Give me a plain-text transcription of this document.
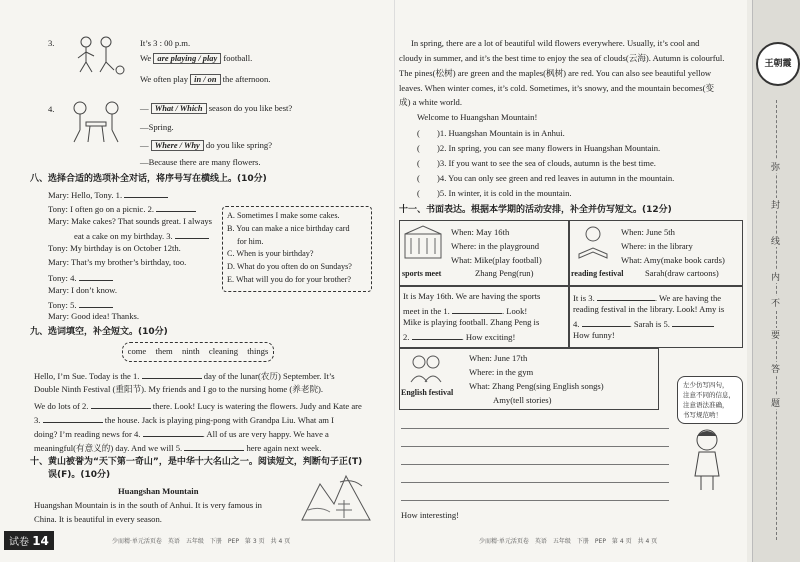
3.	It’s 3 : 00 p.m.
We are playing / play football.
We often play in / on the afternoon.
4.	— What / Which season do you like best?
—Spring.
— Where / Why do you like spring?
—Because there are many flowers.
八、选择合适的选项补全对话，将序号写在横线上。(10分)
Mary: Hello, Tony. 1.
Tony: I often go on a picnic. 2.
Mary: Make cakes? That sounds great. I always
eat a cake on my birthday. 3.
Tony: My birthday is on October 12th.
Mary: That’s my brother’s birthday, too.
Tony: 4.
Mary: I don’t know.
Tony: 5.
Mary: Good idea! Thanks.
A. Sometimes I make some cakes.
B. You can make a nice birthday card
for him.
C. When is your birthday?
D. What do you often do on Sundays?
E. What will you do for your brother?
九、选词填空，补全短文。(10分)
come them ninth cleaning things
Hello, I’m Sue. Today is the 1.	day of the lunar(农历) September. It’s
Double Ninth Festival (重阳节). My friends and I go to the nursing home (养老院).
We do lots of 2.	there. Look! Lucy is watering the flowers. Judy and Kate are
3.	the house. Jack is playing ping-pong with Grandpa Liu. What am I
doing? I’m reading news for 4.	. All of us are very happy. We have a
meaningful(有意义的) day. And we will 5.	here again next week.
十、黄山被誉为“天下第一奇山”，是中华十大名山之一。阅读短文，判断句子正(T)
误(F)。(10分)
Huangshan Mountain
Huangshan Mountain is in the south of Anhui. It is very famous in
China. It is beautiful in every season.
试卷 14	少而精·单元活页卷　英语　五年级　下册　PEP　第 3 页　共 4 页
In spring, there are a lot of beautiful wild flowers everywhere. Usually, it’s cool and
cloudy in summer, and it’s the best time to enjoy the sea of clouds(云海). Autumn is colourful.
The pines(松树) are green and the maples(枫树) are red. You can also see beautiful yellow
leaves. When winter comes, it’s cold. Sometimes, it’s snowy, and the mountain becomes(变
成) a white world.
Welcome to Huangshan Mountain!
(　　)1. Huangshan Mountain is in Anhui.
(　　)2. In spring, you can see many flowers in Huangshan Mountain.
(　　)3. If you want to see the sea of clouds, autumn is the best time.
(　　)4. You can only see green and red leaves in autumn in the mountain.
(　　)5. In winter, it is cold in the mountain.
十一、书面表达。根据本学期的活动安排，补全并仿写短文。(12分)
sports meet
When: May 16th
Where: in the playground
What: Mike(play football)
Zhang Peng(run)	reading festival
When: June 5th
Where: in the library
What: Amy(make book cards)
Sarah(draw cartoons)
It is May 16th. We are having the sports
meet in the 1.	. Look!
Mike is playing football. Zhang Peng is
2.	. How exciting!
It is 3.	. We are having the
reading festival in the library. Look! Amy is
4.	. Sarah is 5.
How funny!
English festival
When: June 17th
Where: in the gym
What: Zhang Peng(sing English songs)
Amy(tell stories)
左少仿写四句，
注意不同的信息，
注意语法准确，
书写规范哟！
How interesting!
少而精·单元活页卷　英语　五年级　下册　PEP　第 4 页　共 4 页
王朝霞
弥
封
线
内
不
要
答
题
